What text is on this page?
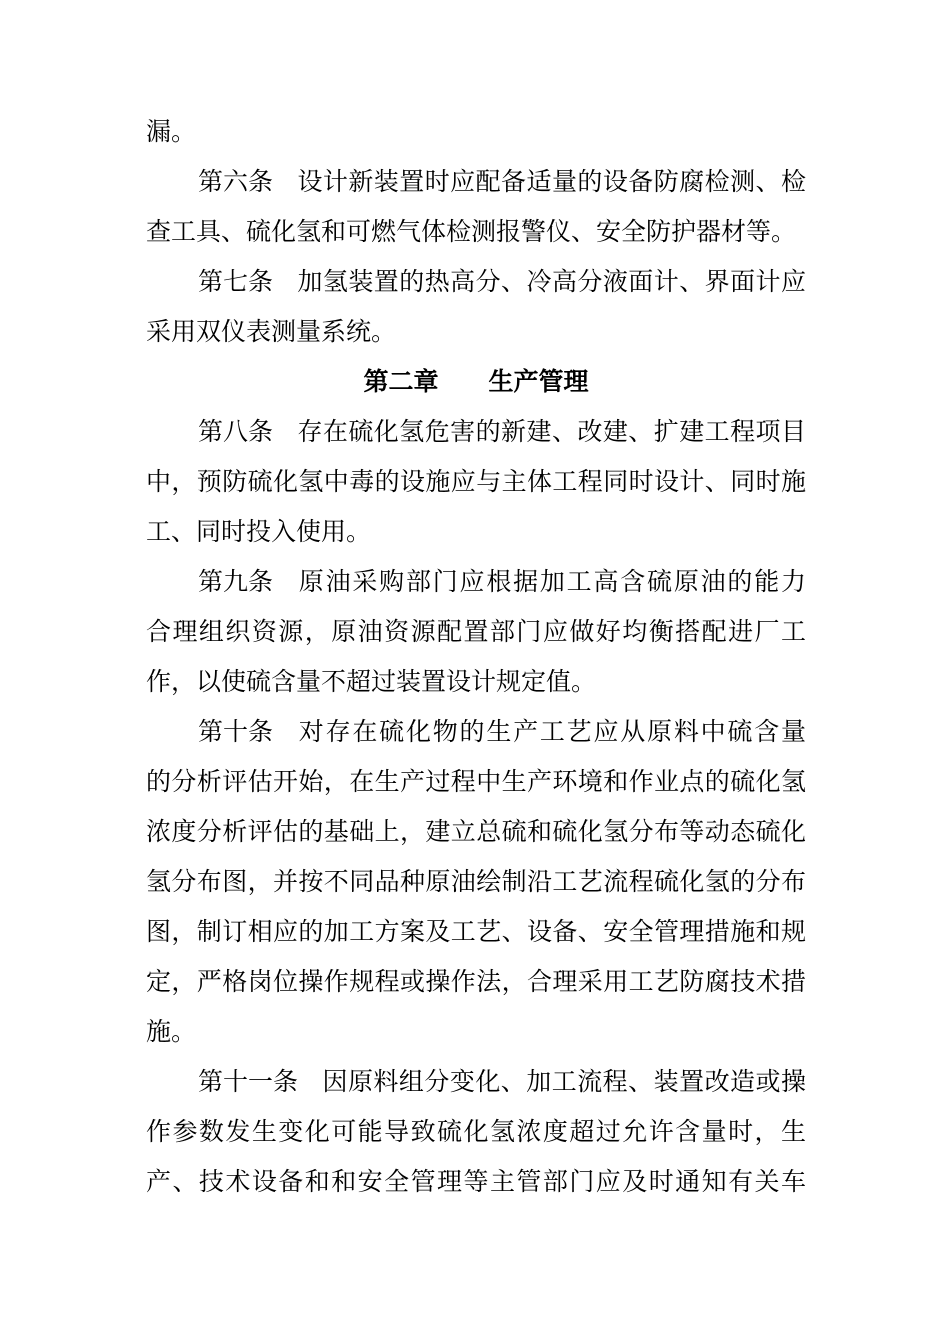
漏。
第六条 设计新装置时应配备适量的设备防腐检测、检
查工具、硫化氢和可燃气体检测报警仪、安全防护器材等。
第七条 加氢装置的热高分、冷高分液面计、界面计应
采用双仪表测量系统。
第二章　　生产管理
第八条 存在硫化氢危害的新建、改建、扩建工程项目
中，预防硫化氢中毒的设施应与主体工程同时设计、同时施
工、同时投入使用。
第九条 原油采购部门应根据加工高含硫原油的能力
合理组织资源，原油资源配置部门应做好均衡搭配进厂工
作，以使硫含量不超过装置设计规定值。
第十条 对存在硫化物的生产工艺应从原料中硫含量
的分析评估开始，在生产过程中生产环境和作业点的硫化氢
浓度分析评估的基础上，建立总硫和硫化氢分布等动态硫化
氢分布图，并按不同品种原油绘制沿工艺流程硫化氢的分布
图，制订相应的加工方案及工艺、设备、安全管理措施和规
定，严格岗位操作规程或操作法，合理采用工艺防腐技术措
施。
第十一条 因原料组分变化、加工流程、装置改造或操
作参数发生变化可能导致硫化氢浓度超过允许含量时，生
产、技术设备和和安全管理等主管部门应及时通知有关车
